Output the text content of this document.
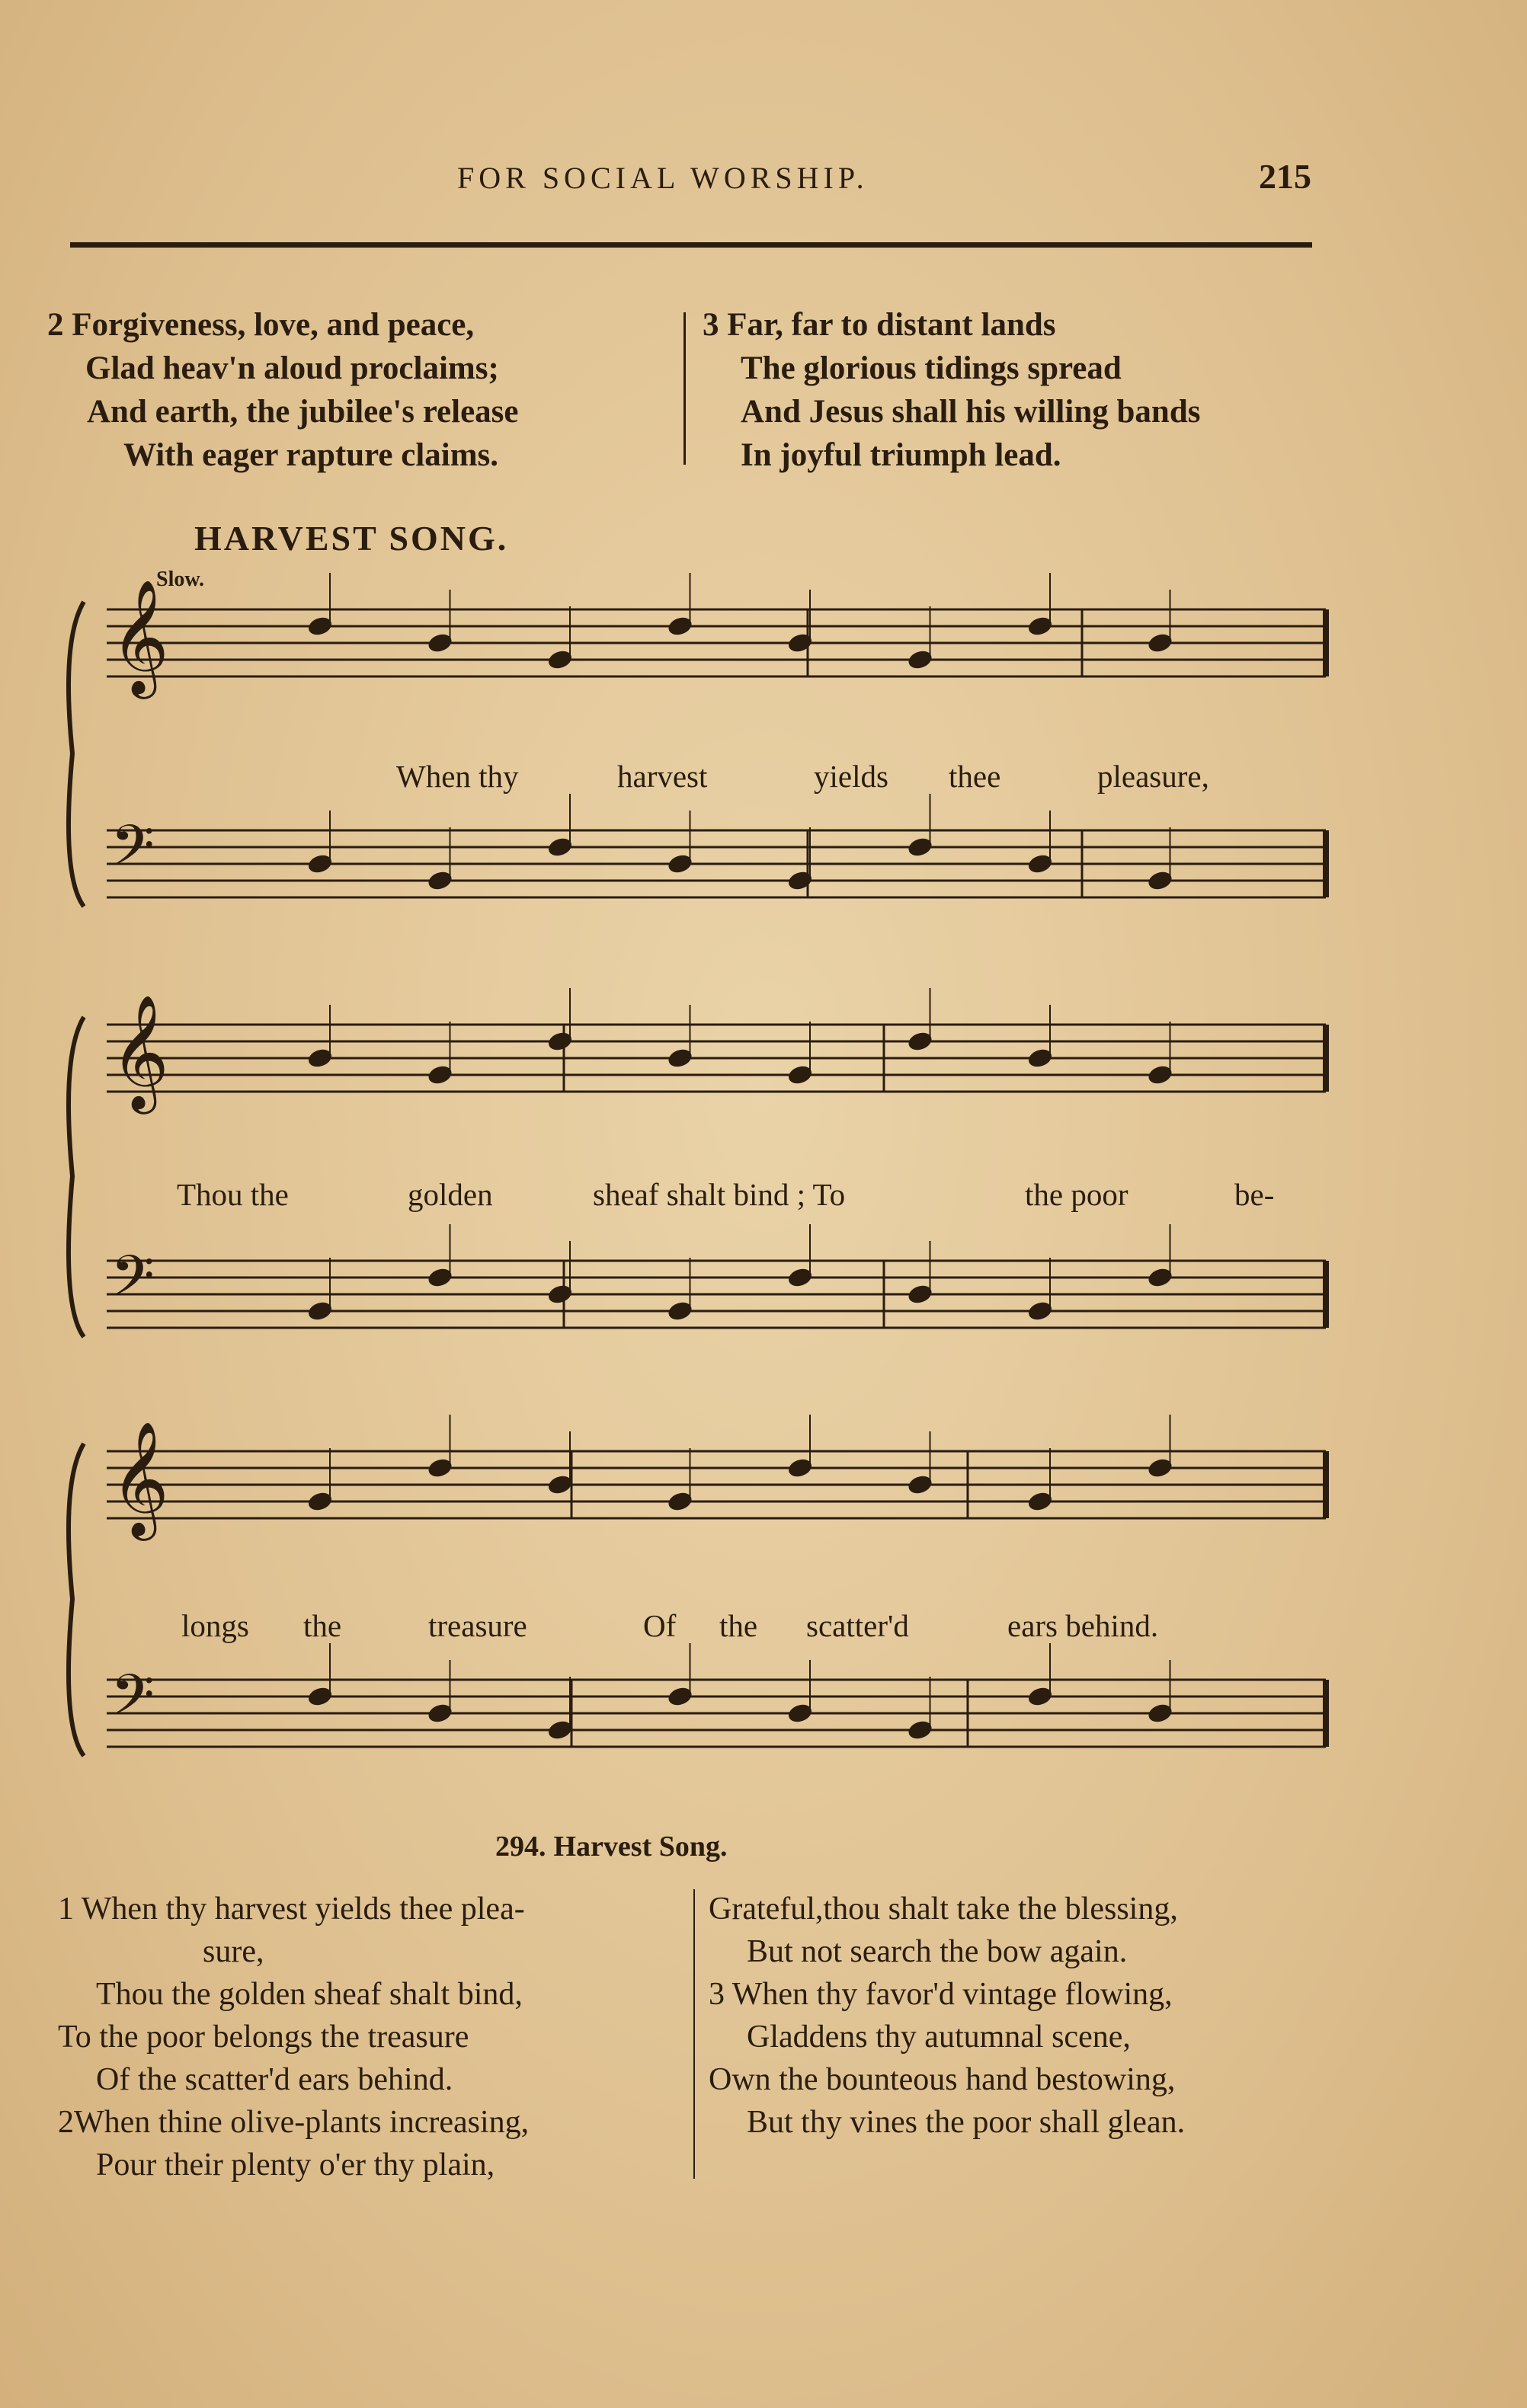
FOR SOCIAL WORSHIP.	215
2 Forgiveness, love, and peace,
Glad heav'n aloud proclaims;
And earth, the jubilee's release
With eager rapture claims.
3 Far, far to distant lands
The glorious tidings spread
And Jesus shall his willing bands
In joyful triumph lead.
HARVEST SONG.
Slow.
𝄞
𝄢
𝄞
𝄢
𝄞
𝄢
When thy	harvest	yields thee	pleasure,
Thou the	golden	sheaf shalt bind ; To	the poor	be-
longs the	treasure	Of the scatter'd	ears behind.
294. Harvest Song.
1 When thy harvest yields thee plea-
sure,
Thou the golden sheaf shalt bind,
To the poor belongs the treasure
Of the scatter'd ears behind.
2When thine olive-plants increasing,
Pour their plenty o'er thy plain,
Grateful,thou shalt take the blessing,
But not search the bow again.
3 When thy favor'd vintage flowing,
Gladdens thy autumnal scene,
Own the bounteous hand bestowing,
But thy vines the poor shall glean.
